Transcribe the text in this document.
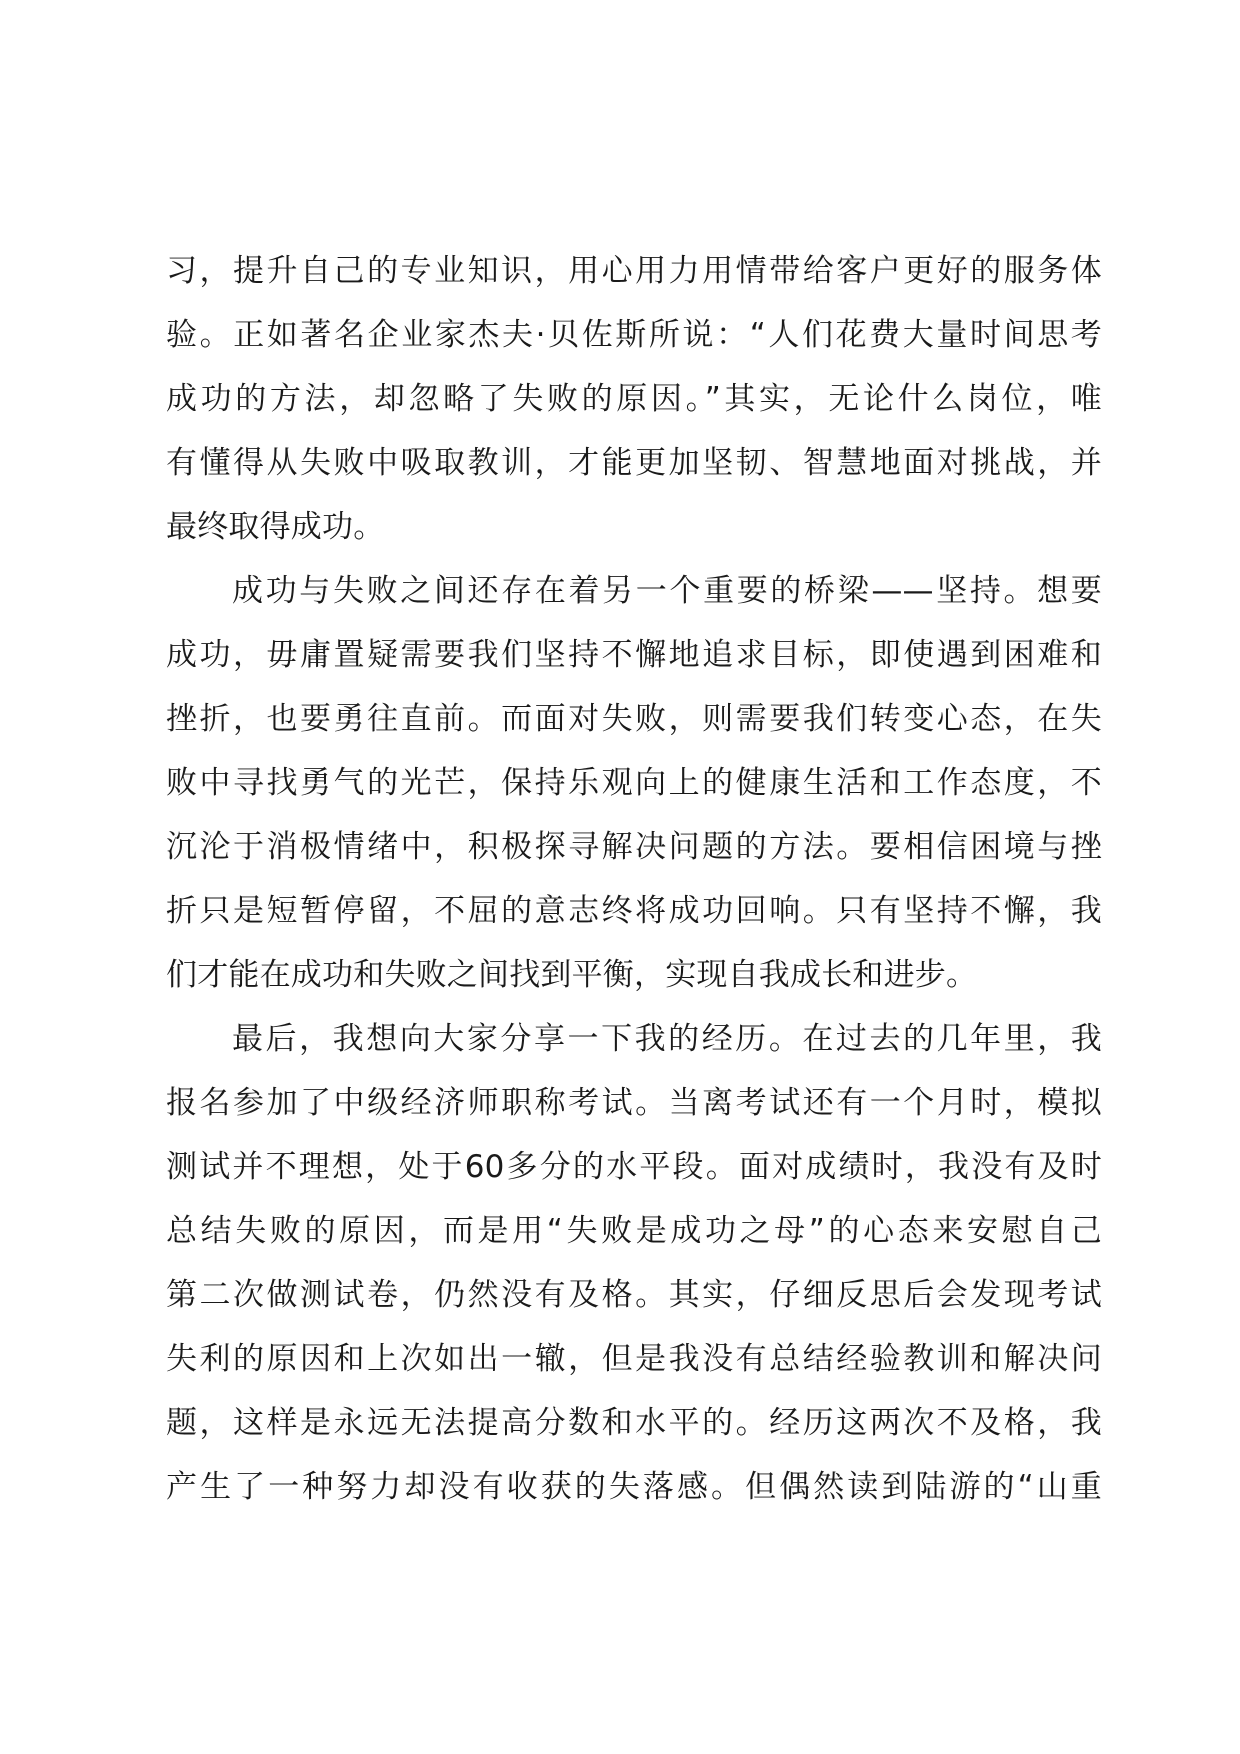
习，提升自己的专业知识，用心用力用情带给客户更好的服务体
验。正如著名企业家杰夫·贝佐斯所说：“人们花费大量时间思考
成功的方法，却忽略了失败的原因。”其实，无论什么岗位，唯
有懂得从失败中吸取教训，才能更加坚韧、智慧地面对挑战，并
最终取得成功。
成功与失败之间还存在着另一个重要的桥梁——坚持。想要
成功，毋庸置疑需要我们坚持不懈地追求目标，即使遇到困难和
挫折，也要勇往直前。而面对失败，则需要我们转变心态，在失
败中寻找勇气的光芒，保持乐观向上的健康生活和工作态度，不
沉沦于消极情绪中，积极探寻解决问题的方法。要相信困境与挫
折只是短暂停留，不屈的意志终将成功回响。只有坚持不懈，我
们才能在成功和失败之间找到平衡，实现自我成长和进步。
最后，我想向大家分享一下我的经历。在过去的几年里，我
报名参加了中级经济师职称考试。当离考试还有一个月时，模拟
测试并不理想，处于60多分的水平段。面对成绩时，我没有及时
总结失败的原因，而是用“失败是成功之母”的心态来安慰自己
第二次做测试卷，仍然没有及格。其实，仔细反思后会发现考试
失利的原因和上次如出一辙，但是我没有总结经验教训和解决问
题，这样是永远无法提高分数和水平的。经历这两次不及格，我
产生了一种努力却没有收获的失落感。但偶然读到陆游的“山重
